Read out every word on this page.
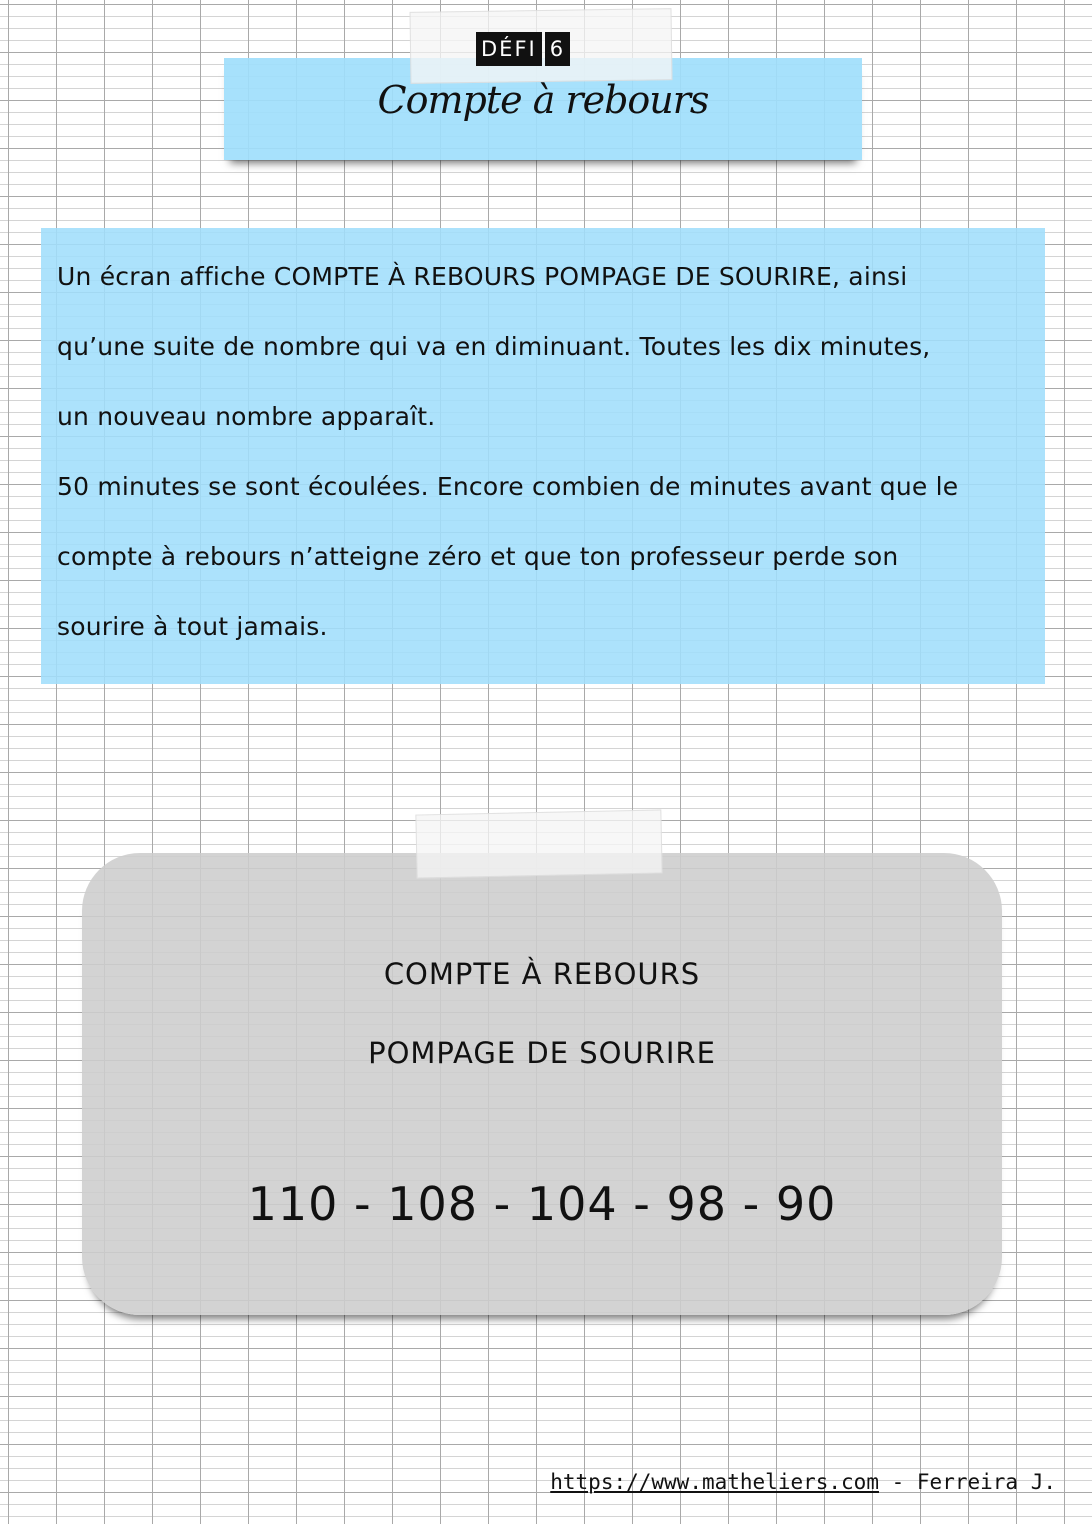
DÉFI 6
Compte à rebours

Un écran affiche COMPTE À REBOURS POMPAGE DE SOURIRE, ainsi

qu’une suite de nombre qui va en diminuant. Toutes les dix minutes,

un nouveau nombre apparaît.

50 minutes se sont écoulées. Encore combien de minutes avant que le

compte à rebours n’atteigne zéro et que ton professeur perde son

sourire à tout jamais.

COMPTE À REBOURS
POMPAGE DE SOURIRE
110 - 108 - 104 - 98 - 90
https://www.matheliers.com - Ferreira J.
